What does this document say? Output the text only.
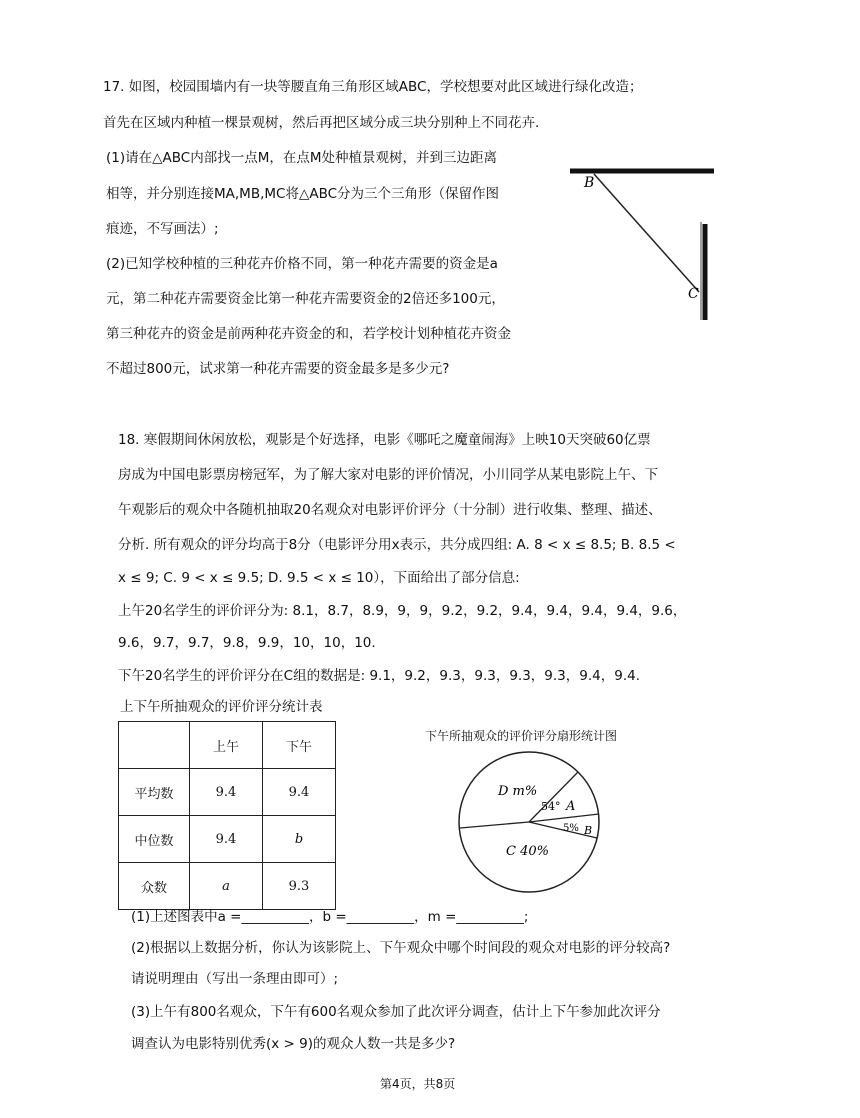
17. 如图，校园围墙内有一块等腰直角三角形区域ABC，学校想要对此区域进行绿化改造；
首先在区域内种植一棵景观树，然后再把区域分成三块分别种上不同花卉.
(1)请在△ABC内部找一点M，在点M处种植景观树，并到三边距离
相等，并分别连接MA,MB,MC将△ABC分为三个三角形（保留作图
痕迹，不写画法）;
(2)已知学校种植的三种花卉价格不同，第一种花卉需要的资金是a
元，第二种花卉需要资金比第一种花卉需要资金的2倍还多100元，
第三种花卉的资金是前两种花卉资金的和，若学校计划种植花卉资金
不超过800元，试求第一种花卉需要的资金最多是多少元?
B
C
18. 寒假期间休闲放松，观影是个好选择，电影《哪吒之魔童闹海》上映10天突破60亿票
房成为中国电影票房榜冠军，为了解大家对电影的评价情况，小川同学从某电影院上午、下
午观影后的观众中各随机抽取20名观众对电影评价评分（十分制）进行收集、整理、描述、
分析. 所有观众的评分均高于8分（电影评分用x表示，共分成四组: A. 8 < x ≤ 8.5; B. 8.5 <
x ≤ 9; C. 9 < x ≤ 9.5; D. 9.5 < x ≤ 10），下面给出了部分信息:
上午20名学生的评价评分为: 8.1，8.7，8.9，9，9，9.2，9.2，9.4，9.4，9.4，9.4，9.6，
9.6，9.7，9.7，9.8，9.9，10，10，10.
下午20名学生的评价评分在C组的数据是: 9.1，9.2，9.3，9.3，9.3，9.3，9.4，9.4.
上下午所抽观众的评价评分统计表
	上午	下午
平均数	9.4	9.4
中位数	9.4	b
众数	a	9.3
下午所抽观众的评价评分扇形统计图
D m%
54° A
5% B
C 40%
(1)上述图表中a =__________，b =__________，m =__________;
(2)根据以上数据分析，你认为该影院上、下午观众中哪个时间段的观众对电影的评分较高?
请说明理由（写出一条理由即可）;
(3)上午有800名观众，下午有600名观众参加了此次评分调查，估计上下午参加此次评分
调查认为电影特别优秀(x > 9)的观众人数一共是多少?
第4页，共8页
